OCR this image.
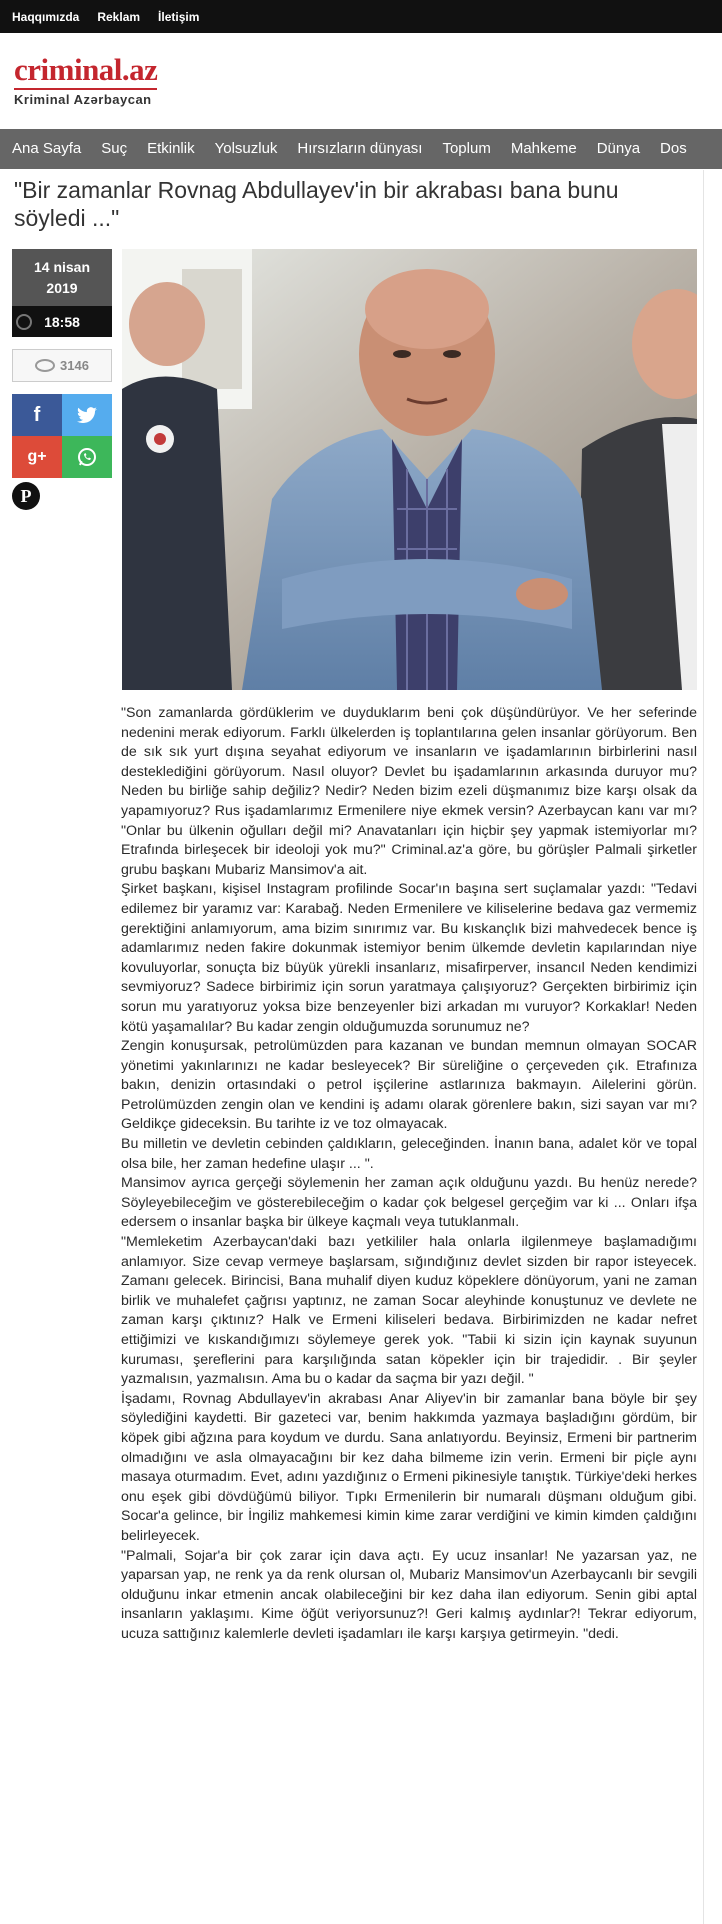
Haqqımızda Reklam İletişim
criminal.az
Kriminal Azərbaycan
Ana Sayfa	Suç	Etkinlik	Yolsuzluk	Hırsızların dünyası	Toplum	Mahkeme	Dünya	Dos
"Bir zamanlar Rovnag Abdullayev'in bir akrabası bana bunu söyledi ..."
14 nisan
2019
18:58
3146
f
g+
P

"Son zamanlarda gördüklerim ve duyduklarım beni çok düşündürüyor. Ve her seferinde nedenini merak ediyorum. Farklı ülkelerden iş toplantılarına gelen insanlar görüyorum. Ben de sık sık yurt dışına seyahat ediyorum ve insanların ve işadamlarının birbirlerini nasıl desteklediğini görüyorum. Nasıl oluyor? Devlet bu işadamlarının arkasında duruyor mu? Neden bu birliğe sahip değiliz? Nedir? Neden bizim ezeli düşmanımız bize karşı olsak da yapamıyoruz? Rus işadamlarımız Ermenilere niye ekmek versin? Azerbaycan kanı var mı? "Onlar bu ülkenin oğulları değil mi? Anavatanları için hiçbir şey yapmak istemiyorlar mı? Etrafında birleşecek bir ideoloji yok mu?" Criminal.az'a göre, bu görüşler Palmali şirketler grubu başkanı Mubariz Mansimov'a ait.

Şirket başkanı, kişisel Instagram profilinde Socar'ın başına sert suçlamalar yazdı: "Tedavi edilemez bir yaramız var: Karabağ. Neden Ermenilere ve kiliselerine bedava gaz vermemiz gerektiğini anlamıyorum, ama bizim sınırımız var. Bu kıskançlık bizi mahvedecek bence iş adamlarımız neden fakire dokunmak istemiyor benim ülkemde devletin kapılarından niye kovuluyorlar, sonuçta biz büyük yürekli insanlarız, misafirperver, insancıl Neden kendimizi sevmiyoruz? Sadece birbirimiz için sorun yaratmaya çalışıyoruz? Gerçekten birbirimiz için sorun mu yaratıyoruz yoksa bize benzeyenler bizi arkadan mı vuruyor? Korkaklar! Neden kötü yaşamalılar? Bu kadar zengin olduğumuzda sorunumuz ne?

Zengin konuşursak, petrolümüzden para kazanan ve bundan memnun olmayan SOCAR yönetimi yakınlarınızı ne kadar besleyecek? Bir süreliğine o çerçeveden çık. Etrafınıza bakın, denizin ortasındaki o petrol işçilerine astlarınıza bakmayın. Ailelerini görün. Petrolümüzden zengin olan ve kendini iş adamı olarak görenlere bakın, sizi sayan var mı? Geldikçe gideceksin. Bu tarihte iz ve toz olmayacak.

Bu milletin ve devletin cebinden çaldıkların, geleceğinden. İnanın bana, adalet kör ve topal olsa bile, her zaman hedefine ulaşır ... ".

Mansimov ayrıca gerçeği söylemenin her zaman açık olduğunu yazdı. Bu henüz nerede? Söyleyebileceğim ve gösterebileceğim o kadar çok belgesel gerçeğim var ki ... Onları ifşa edersem o insanlar başka bir ülkeye kaçmalı veya tutuklanmalı.

"Memleketim Azerbaycan'daki bazı yetkililer hala onlarla ilgilenmeye başlamadığımı anlamıyor. Size cevap vermeye başlarsam, sığındığınız devlet sizden bir rapor isteyecek. Zamanı gelecek. Birincisi, Bana muhalif diyen kuduz köpeklere dönüyorum, yani ne zaman birlik ve muhalefet çağrısı yaptınız, ne zaman Socar aleyhinde konuştunuz ve devlete ne zaman karşı çıktınız? Halk ve Ermeni kiliseleri bedava. Birbirimizden ne kadar nefret ettiğimizi ve kıskandığımızı söylemeye gerek yok. "Tabii ki sizin için kaynak suyunun kuruması, şereflerini para karşılığında satan köpekler için bir trajedidir. . Bir şeyler yazmalısın, yazmalısın. Ama bu o kadar da saçma bir yazı değil. "

İşadamı, Rovnag Abdullayev'in akrabası Anar Aliyev'in bir zamanlar bana böyle bir şey söylediğini kaydetti. Bir gazeteci var, benim hakkımda yazmaya başladığını gördüm, bir köpek gibi ağzına para koydum ve durdu. Sana anlatıyordu. Beyinsiz, Ermeni bir partnerim olmadığını ve asla olmayacağını bir kez daha bilmeme izin verin. Ermeni bir piçle aynı masaya oturmadım. Evet, adını yazdığınız o Ermeni pikinesiyle tanıştık. Türkiye'deki herkes onu eşek gibi dövdüğümü biliyor. Tıpkı Ermenilerin bir numaralı düşmanı olduğum gibi. Socar'a gelince, bir İngiliz mahkemesi kimin kime zarar verdiğini ve kimin kimden çaldığını belirleyecek.

"Palmali, Sojar'a bir çok zarar için dava açtı. Ey ucuz insanlar! Ne yazarsan yaz, ne yaparsan yap, ne renk ya da renk olursan ol, Mubariz Mansimov'un Azerbaycanlı bir sevgili olduğunu inkar etmenin ancak olabileceğini bir kez daha ilan ediyorum. Senin gibi aptal insanların yaklaşımı. Kime öğüt veriyorsunuz?! Geri kalmış aydınlar?! Tekrar ediyorum, ucuza sattığınız kalemlerle devleti işadamları ile karşı karşıya getirmeyin. "dedi.
